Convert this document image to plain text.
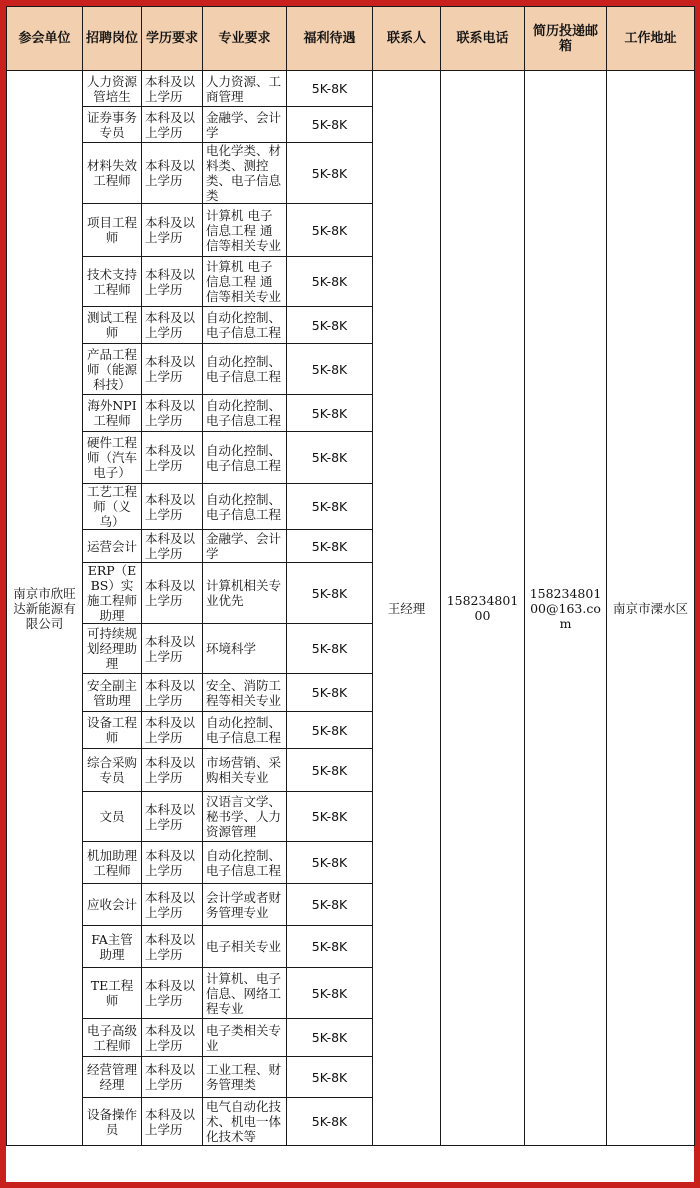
参会单位	招聘岗位	学历要求	专业要求	福利待遇	联系人	联系电话	简历投递邮箱	工作地址
南京市欣旺达新能源有限公司	人力资源管培生	本科及以上学历	人力资源、工商管理	5K-8K	王经理	15823480100	15823480100@163.com	南京市溧水区
	证券事务专员	本科及以上学历	金融学、会计学	5K-8K				
	材料失效工程师	本科及以上学历	电化学类、材料类、测控类、电子信息类	5K-8K				
	项目工程师	本科及以上学历	计算机 电子信息工程 通信等相关专业	5K-8K				
	技术支持工程师	本科及以上学历	计算机 电子信息工程 通信等相关专业	5K-8K				
	测试工程师	本科及以上学历	自动化控制、电子信息工程	5K-8K				
	产品工程师（能源科技）	本科及以上学历	自动化控制、电子信息工程	5K-8K				
	海外NPI工程师	本科及以上学历	自动化控制、电子信息工程	5K-8K				
	硬件工程师（汽车电子）	本科及以上学历	自动化控制、电子信息工程	5K-8K				
	工艺工程师（义乌）	本科及以上学历	自动化控制、电子信息工程	5K-8K				
	运营会计	本科及以上学历	金融学、会计学	5K-8K				
	ERP（EBS）实施工程师助理	本科及以上学历	计算机相关专业优先	5K-8K				
	可持续规划经理助理	本科及以上学历	环境科学	5K-8K				
	安全副主管助理	本科及以上学历	安全、消防工程等相关专业	5K-8K				
	设备工程师	本科及以上学历	自动化控制、电子信息工程	5K-8K				
	综合采购专员	本科及以上学历	市场营销、采购相关专业	5K-8K				
	文员	本科及以上学历	汉语言文学、秘书学、人力资源管理	5K-8K				
	机加助理工程师	本科及以上学历	自动化控制、电子信息工程	5K-8K				
	应收会计	本科及以上学历	会计学或者财务管理专业	5K-8K				
	FA主管助理	本科及以上学历	电子相关专业	5K-8K				
	TE工程师	本科及以上学历	计算机、电子信息、网络工程专业	5K-8K				
	电子高级工程师	本科及以上学历	电子类相关专业	5K-8K				
	经营管理经理	本科及以上学历	工业工程、财务管理类	5K-8K				
	设备操作员	本科及以上学历	电气自动化技术、机电一体化技术等	5K-8K				
